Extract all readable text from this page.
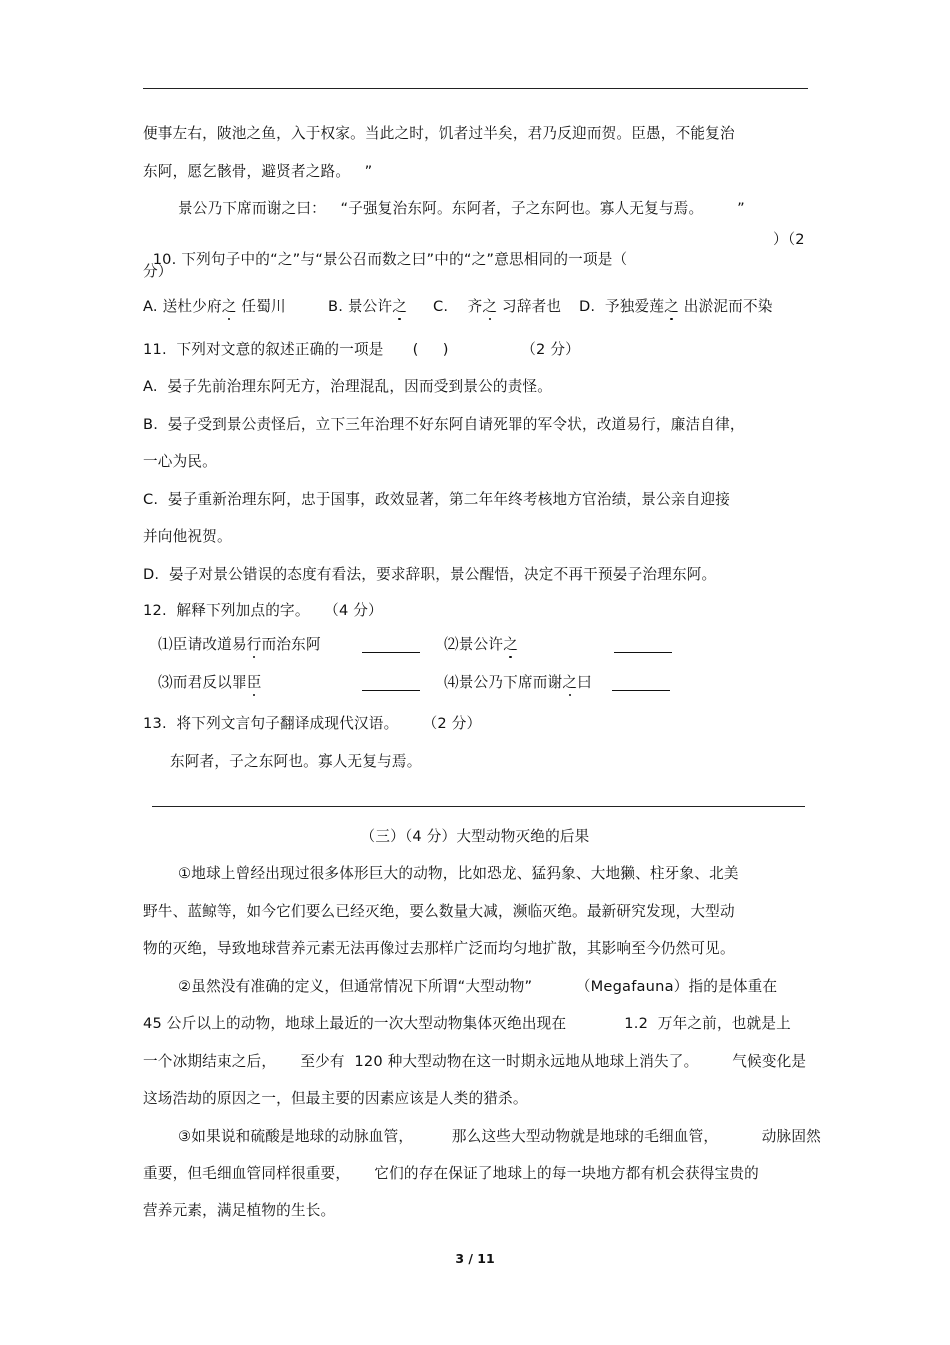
便事左右，陂池之鱼，入于权家。当此之时，饥者过半矣，君乃反迎而贺。臣愚，不能复治
东阿，愿乞骸骨，避贤者之路。   ”
景公乃下席而谢之曰：   “子强复治东阿。东阿者，子之东阿也。寡人无复与焉。       ”

10. 下列句子中的“之”与“景公召而数之曰”中的“之”意思相同的一项是（

）（2

分）

A. 送杜少府之 任蜀川

	B. 景公许之

C.    齐之 习辞者也

D.  予独爱莲之 出淤泥而不染

11.  下列对文意的叙述正确的一项是      (     )               （2 分）
A.  晏子先前治理东阿无方，治理混乱，因而受到景公的责怪。
B.  晏子受到景公责怪后，立下三年治理不好东阿自请死罪的军令状，改道易行，廉洁自律，
一心为民。
C.  晏子重新治理东阿，忠于国事，政效显著，第二年年终考核地方官治绩，景公亲自迎接
并向他祝贺。
D.  晏子对景公错误的态度有看法，要求辞职，景公醒悟，决定不再干预晏子治理东阿。
12.  解释下列加点的字。   （4 分）

⑴臣请改道易行而治东阿

	⑵景公许之

⑶而君反以罪臣

	⑷景公乃下席而谢之曰

13.  将下列文言句子翻译成现代汉语。     （2 分）
东阿者，子之东阿也。寡人无复与焉。
（三）（4 分）大型动物灭绝的后果
①地球上曾经出现过很多体形巨大的动物，比如恐龙、猛犸象、大地獭、柱牙象、北美
野牛、蓝鲸等，如今它们要么已经灭绝，要么数量大减，濒临灭绝。最新研究发现，大型动
物的灭绝，导致地球营养元素无法再像过去那样广泛而均匀地扩散，其影响至今仍然可见。
②虽然没有准确的定义，但通常情况下所谓“大型动物”         （Megafauna）指的是体重在
45 公斤以上的动物，地球上最近的一次大型动物集体灭绝出现在            1.2  万年之前，也就是上
一个冰期结束之后，     至少有  120 种大型动物在这一时期永远地从地球上消失了。       气候变化是
这场浩劫的原因之一，但最主要的因素应该是人类的猎杀。
③如果说和硫酸是地球的动脉血管，        那么这些大型动物就是地球的毛细血管，         动脉固然
重要，但毛细血管同样很重要，     它们的存在保证了地球上的每一块地方都有机会获得宝贵的
营养元素，满足植物的生长。
3 / 11
